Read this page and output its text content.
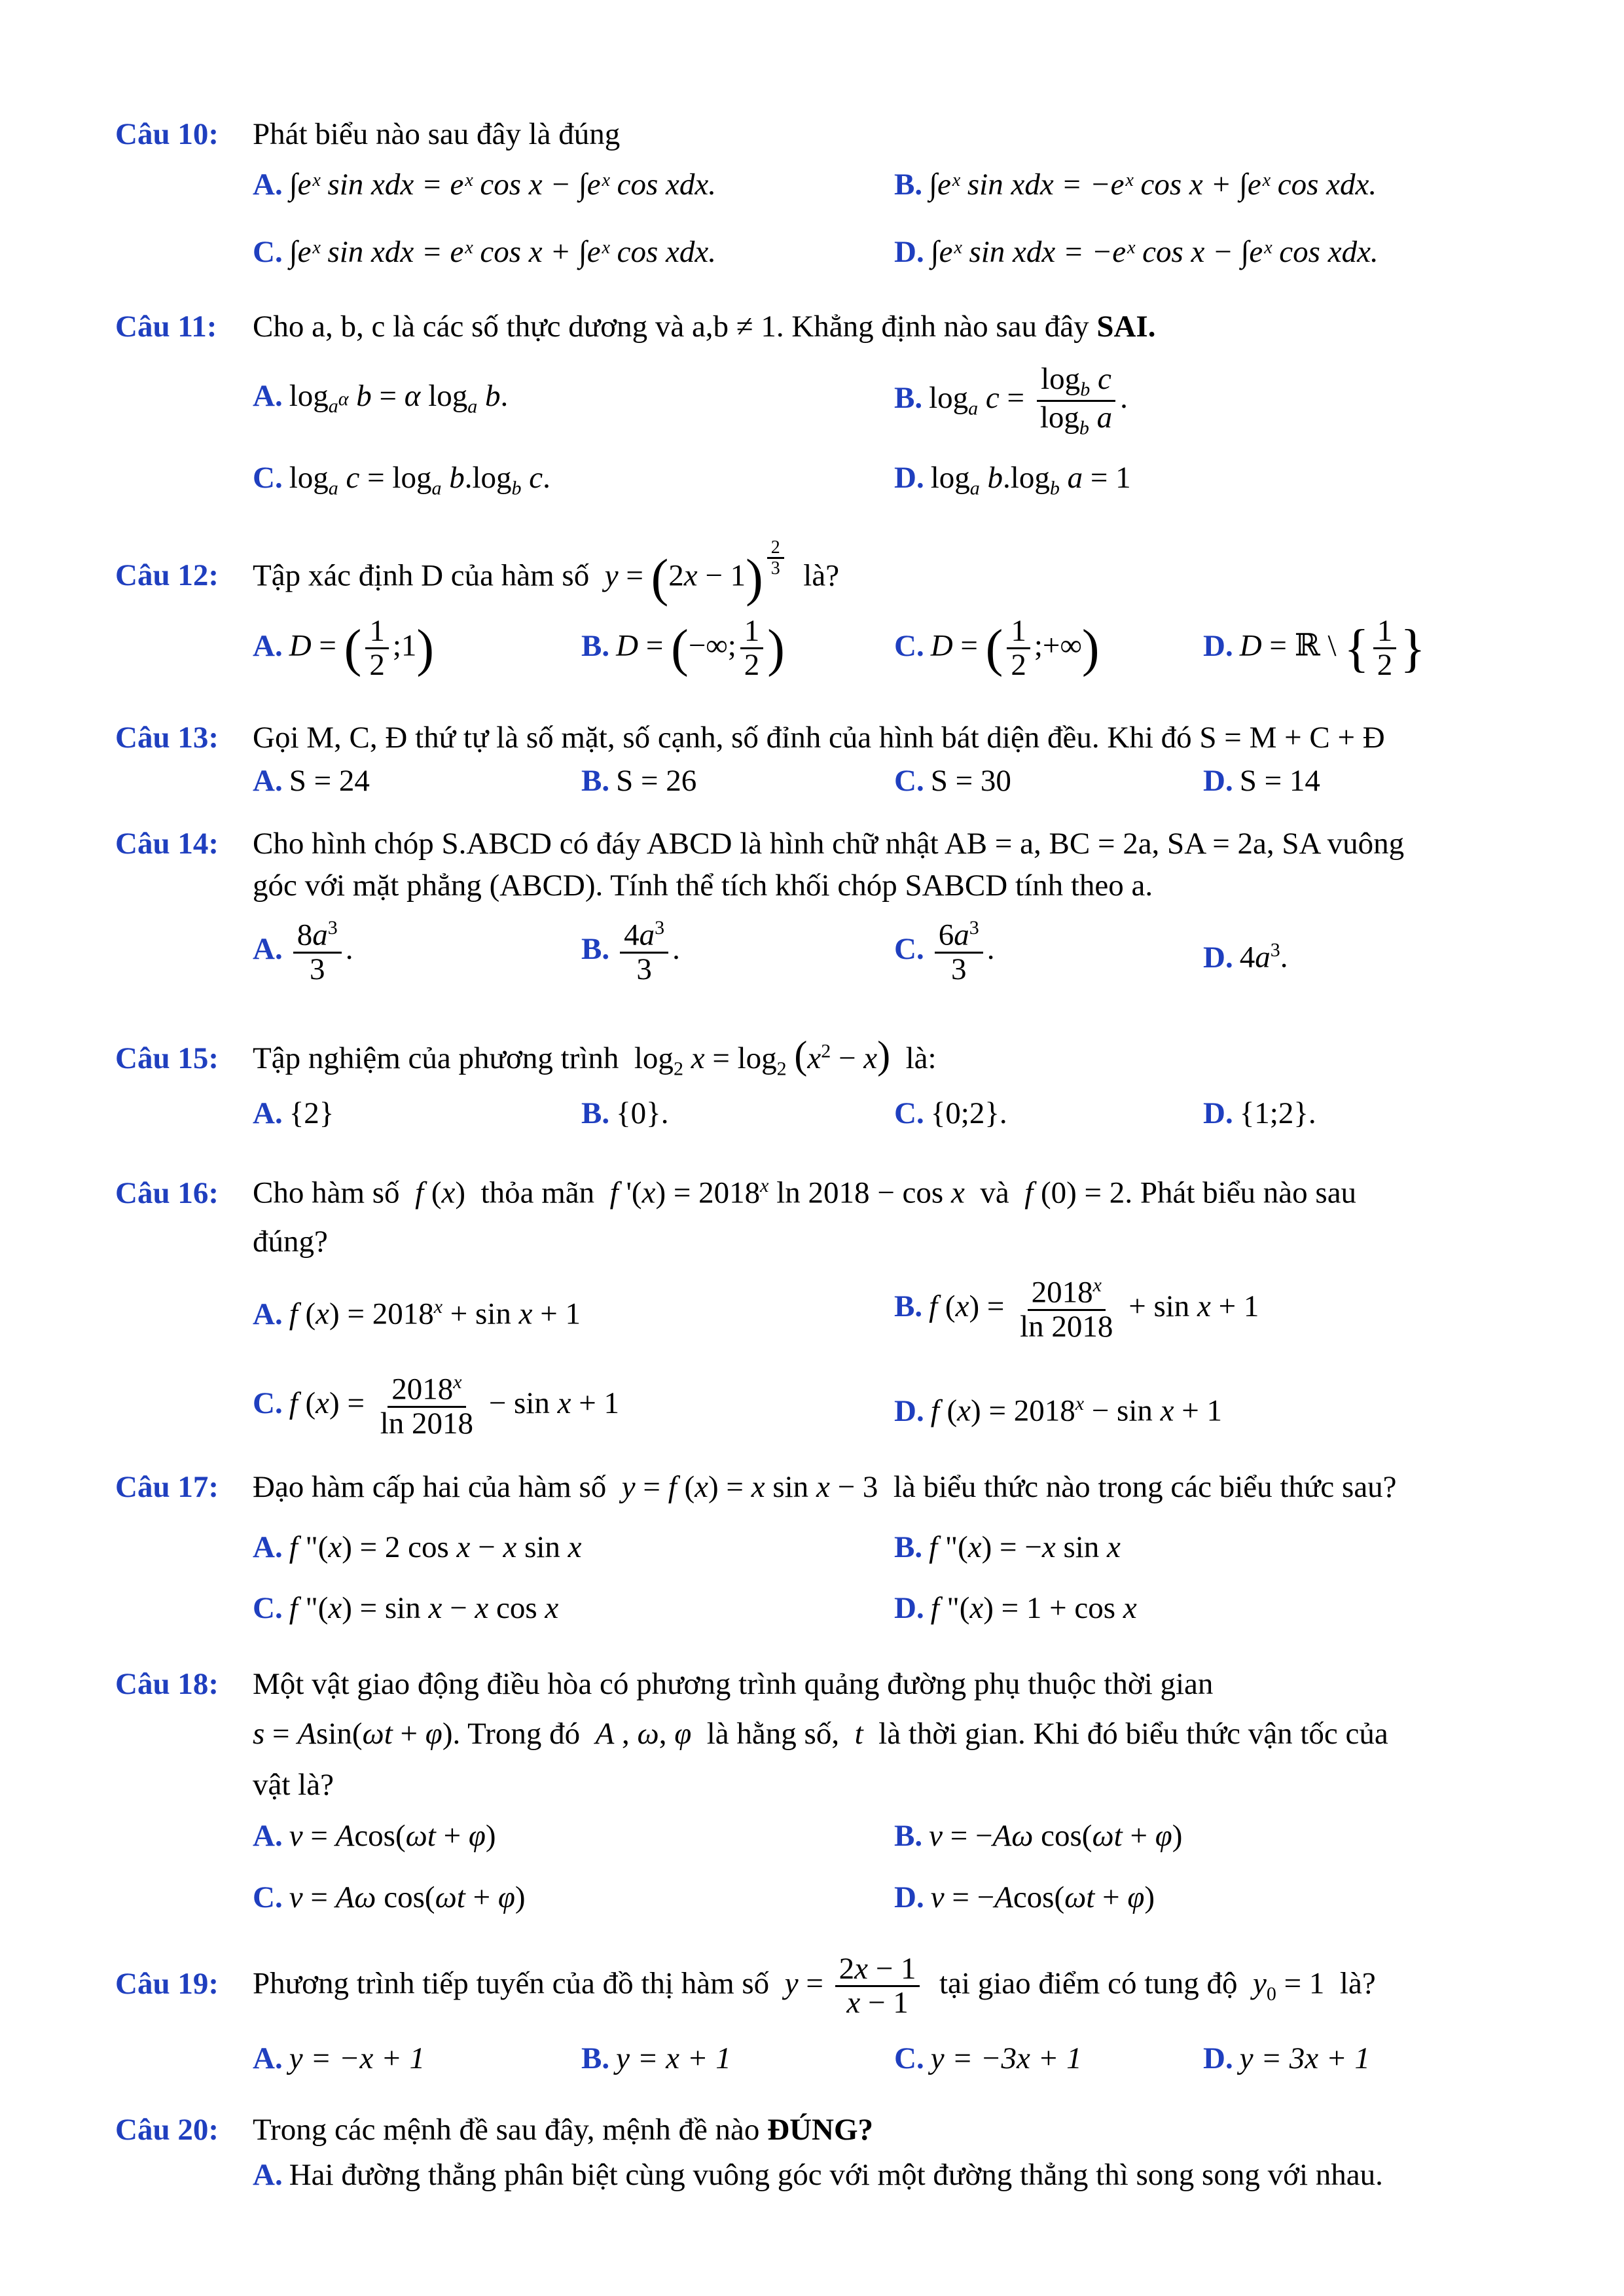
Câu 10: Phát biểu nào sau đây là đúng
A. ∫eˣ sin xdx = eˣ cos x − ∫eˣ cos xdx.	B. ∫eˣ sin xdx = −eˣ cos x + ∫eˣ cos xdx.
C. ∫eˣ sin xdx = eˣ cos x + ∫eˣ cos xdx.	D. ∫eˣ sin xdx = −eˣ cos x − ∫eˣ cos xdx.
Câu 11: Cho a, b, c là các số thực dương và a,b ≠ 1. Khẳng định nào sau đây SAI.
A. $\log_{a^\alpha} b = \alpha$ $\log_a b$.	B. $\log_a c = \frac{\log_b c}{\log_b a}$ .
C. $\log_a c = \log_a b.\log_b$ c.	D. $\log_a b.\log_b$ a = 1
Câu 12: Tập xác định D của hàm số y = (2x − 1) $^{\frac{2}{3}}$ là?
A. D = ( $\frac{1}{2}$ ;1)	B. D = (−∞; $\frac{1}{2}$ )	C. D = ( $\frac{1}{2}$ ;+∞)	D. D = ℝ \ { $\frac{1}{2}$ }
Câu 13: Gọi M, C, Đ thứ tự là số mặt, số cạnh, số đỉnh của hình bát diện đều. Khi đó S = M + C + Đ
A. S = 24	B. S = 26	C. S = 30	D. S = 14
Câu 14: Cho hình chóp S.ABCD có đáy ABCD là hình chữ nhật AB = a, BC = 2a, SA = 2a, SA vuông
góc với mặt phẳng (ABCD). Tính thể tích khối chóp SABCD tính theo a.
A. $\frac{8a^3}{3}$ .	B. $\frac{4a^3}{3}$ .	C. $\frac{6a^3}{3}$ .	D. $4a^3$.
Câu 15: Tập nghiệm của phương trình  $\log_2 x = \log_2 (x^2 - x)$ là:
A. {2}	B. {0}.	C. {0;2}.	D. {1;2}.
Câu 16: Cho hàm số f (x)  thỏa mãn f '$(x) = 2018^x$ ln 2018 − cos x và f (0) = 2. Phát biểu nào sau
đúng?
A. f $(x) = 2018^x + \sin x + 1$	B. f $(x) = \frac{2018^x}{\ln 2018} + \sin x + 1$
C. f $(x) = \frac{2018^x}{\ln 2018} - \sin x + 1$	D. f $(x) = 2018^x - \sin x + 1$
Câu 17: Đạo hàm cấp hai của hàm số y = f (x) = x sin x − 3  là biểu thức nào trong các biểu thức sau?
A. f "(x) = 2 cos x − x sin x	B. f "(x) = −x sin x
C. f "(x) = sin x − x cos x	D. f "(x) = 1 + cos x
Câu 18: Một vật giao động điều hòa có phương trình quảng đường phụ thuộc thời gian
s = Asin(ωt + φ). Trong đó A , ω, φ là hằng số, t là thời gian. Khi đó biểu thức vận tốc của
vật là?
A. v = Acos(ωt + φ)	B. v = −Aω cos(ωt + φ)
C. v = Aω cos(ωt + φ)	D. v = −Acos(ωt + φ)
Câu 19: Phương trình tiếp tuyến của đồ thị hàm số $y = \frac{2x - 1}{x - 1}$ tại giao điểm có tung độ $y_0 = 1$  là?
A. y = −x + 1	B. y = x + 1	C. y = −3x + 1	D. y = 3x + 1
Câu 20: Trong các mệnh đề sau đây, mệnh đề nào ĐÚNG?
A. Hai đường thẳng phân biệt cùng vuông góc với một đường thẳng thì song song với nhau.
